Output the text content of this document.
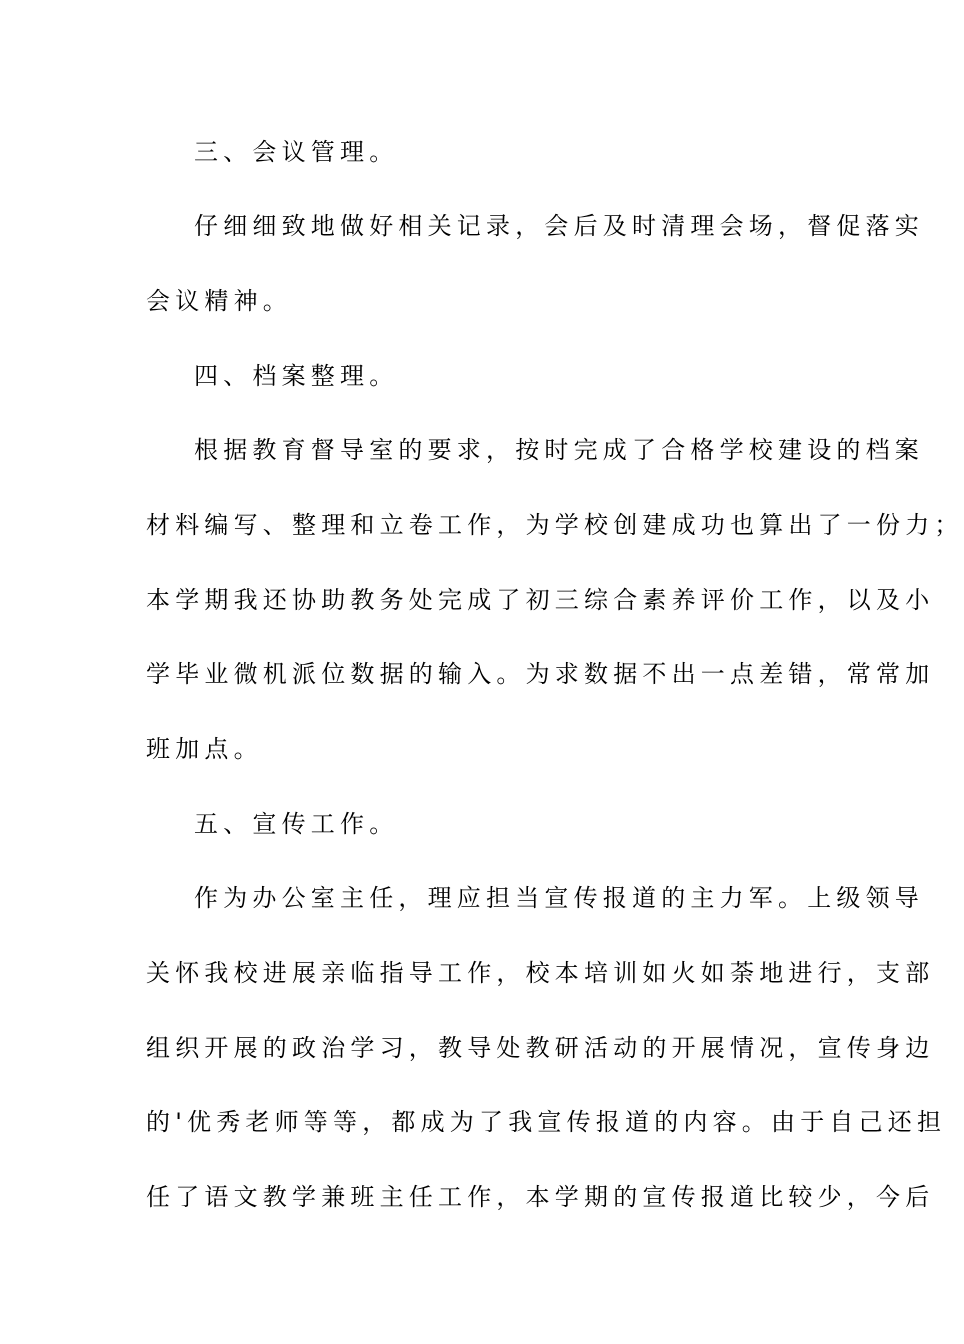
三、会议管理。
仔细细致地做好相关记录，会后及时清理会场，督促落实
会议精神。
四、档案整理。
根据教育督导室的要求，按时完成了合格学校建设的档案
材料编写、整理和立卷工作，为学校创建成功也算出了一份力；
本学期我还协助教务处完成了初三综合素养评价工作，以及小
学毕业微机派位数据的输入。为求数据不出一点差错，常常加
班加点。
五、宣传工作。
作为办公室主任，理应担当宣传报道的主力军。上级领导
关怀我校进展亲临指导工作，校本培训如火如荼地进行，支部
组织开展的政治学习，教导处教研活动的开展情况，宣传身边
的'优秀老师等等，都成为了我宣传报道的内容。由于自己还担
任了语文教学兼班主任工作，本学期的宣传报道比较少，今后
